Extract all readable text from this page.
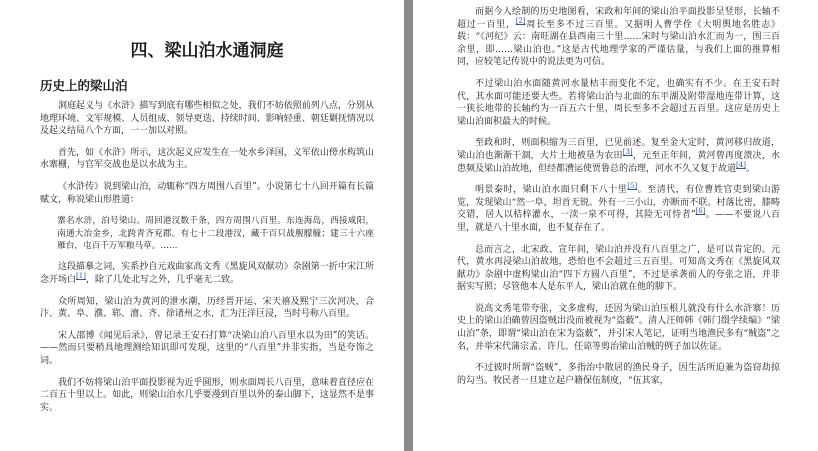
四、梁山泊水通洞庭
历史上的梁山泊

洞庭起义与《水浒》描写到底有哪些相似之处，我们不妨依照前列八点，分别从地理环境、文军规模、人员组成、领导更迭、持续时间、影响轻重、朝廷剿抚情况以及起义结局八个方面，一一加以对照。

首先，如《水浒》所示，这次起义应发生在一处水乡泽国，义军依山傍水构筑山水寨栅，与官军交战也是以水战为主。

《水浒传》说到梁山泊，动辄称“四方周围八百里”。小说第七十八回开篇有长篇赋文，称说梁山形胜道：

寨名水浒，泊号梁山。周回港汊数千条，四方周围八百里。东连海岛，西接咸阳，南通大冶金乡，北跨青齐兖郡。有七十二段港汊，藏千百只战舰艨艟；建三十六座雁台，屯百千万军粮马草。……

这段描摹之词，实系抄自元戏曲家高文秀《黑旋风双献功》杂剧第一折中宋江所念开场白[1]，除了几处北写之外，几乎毫无二致。

众所周知，梁山泊为黄河的泄水潮，历经晋开运、宋天禧及熙宁三次河决，合汴、黄、阜、濮、郓、澶、齐、徐诸州之水，汇为汪洋巨浸，当时号称八百里。

宋人邵博《闻见后录》，曾记录王安石打算“决梁山泊八百里水以为田”的笑话。——然而只要稍具地理测绘知识即可发现，这里的“八百里”并非实指，当是夸饰之词。

我们不妨将梁山泊平面投影视为近乎圆形，则水面周长八百里，意味着直径应在二百五十里以上。如此，则梁山泊水几乎要漫到百里以外的泰山脚下，这显然不是事实。

而据今人绘制的历史地图看，宋政和年间的梁山泊平面投影呈竖形，长轴不超过一百里，[2]周长至多不过三百里。又据明人曹学佺《大明舆地名胜志》载：“《河纪》云：南旺湖在县西南三十里……宋时与梁山泊水汇而为一，围三百余里，即……梁山泊也。”这是古代地理学家的严谨估量，与我们上面的推算相同，应较笔记传说中的说法更为可信。

不过梁山泊水面随黄河水量枯丰而变化不定，也确实有不少。在王安石时代，其水面可能还要大些。若将梁山泊与北面的东平湖及附带湿地连带计算，这一狭长地带的长轴约为一百五六十里，周长至多不会超过五百里。这应是历史上梁山泊面积最大的时候。

至政和时，则面积缩为三百里，已见前述。复至金大定时，黄河移归故道，梁山泊也渐渐干涸，大片土地被垦为农田[3]，元至正年间，黄河曾再度溃决，水患频及梁山泊故地，但经都漕运使贾鲁总的治理，河水不久又复于故道[4]。

明景泰时，梁山泊水面只剩下八十里[5]。至清代，有位曹姓官吏到梁山游览，发现梁山“然一阜，坦首无锐。外有一三小山，亦断而不联。村落比密，膝畴交错，居人以桔梓灌水，一渎一泉不可得，其险无可恃者”[6]。——不要说八百里，就是八十里水面，也不复存在了。

总而言之，北宋政、宣年间，梁山泊并没有八百里之广，是可以肯定的。元代，黄水再浸梁山泊故地，恐怕也不会超过三五百里。可知高文秀在《黑旋风双献功》杂剧中虚构梁山泊“四下方圆八百里”，不过是承袭前人的夸张之语，并非据实写照；尽管他本人是东平人，梁山泊就在他的脚下。

说高文秀笔带夸张，文多虚构，还因为梁山泊压根儿就没有什么水浒寨！历史上的梁山泊确曾因盗贼出没而被视为“盗薮”。清人汪师韩《韩门缀学续编》“梁山泊”条，即谓“梁山泊在宋为盗薮”，并引宋人笔记，证明当地渔民多有“贼盗”之名，并举宋代蒲宗孟、许几、任谅等剪治梁山泊贼的例子加以佐证。

不过彼时所谓“盗贼”，多指治中散居的渔民身子，因生活所迫兼为盗窃劫掠的勾当。牧民者一旦建立起户籍保伍制度，“伍其家，
